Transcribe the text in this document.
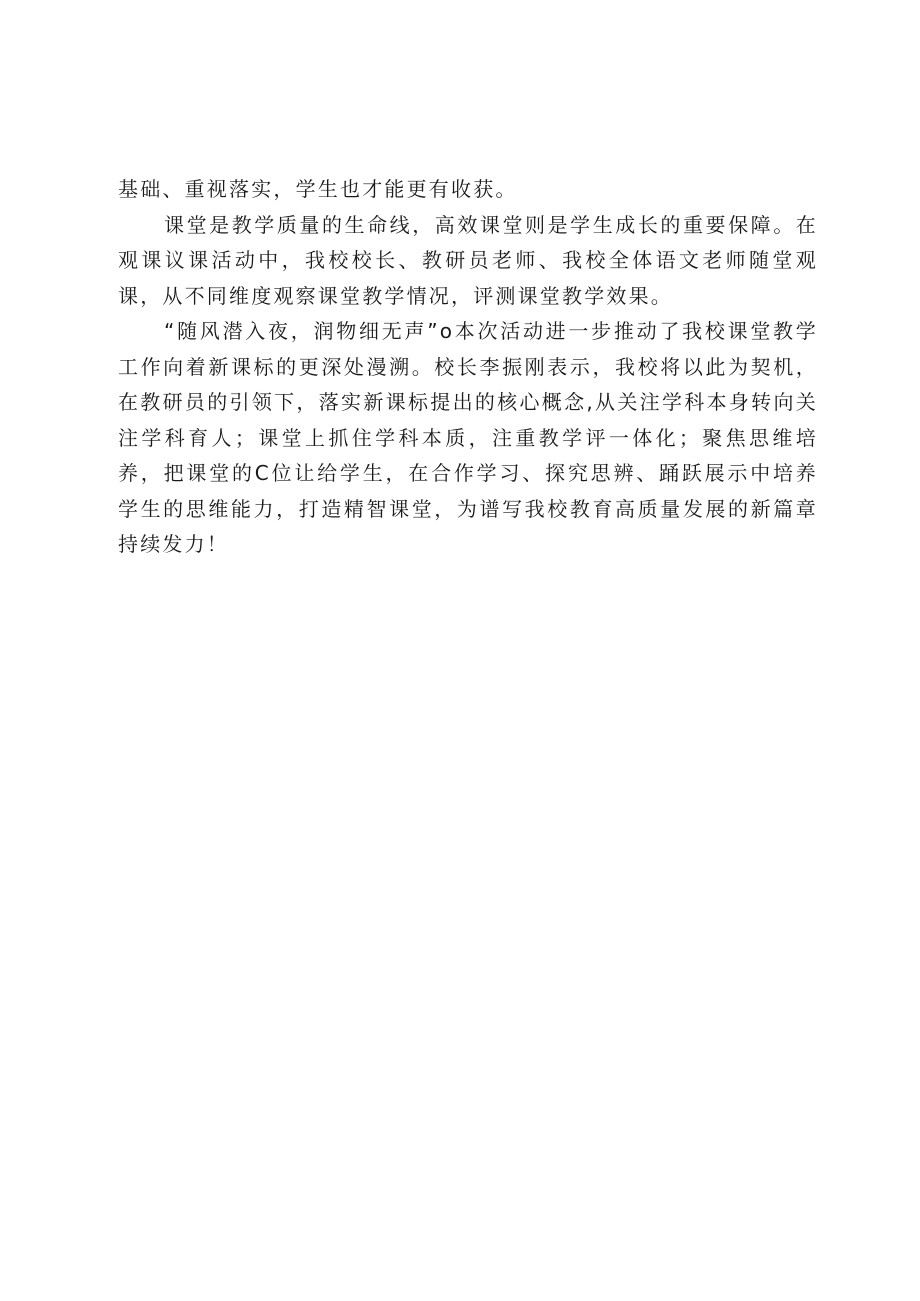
基础、重视落实，学生也才能更有收获。

课堂是教学质量的生命线，高效课堂则是学生成长的重要保障。在观课议课活动中，我校校长、教研员老师、我校全体语文老师随堂观课，从不同维度观察课堂教学情况，评测课堂教学效果。

“随风潜入夜，润物细无声”o本次活动进一步推动了我校课堂教学工作向着新课标的更深处漫溯。校长李振刚表示，我校将以此为契机，在教研员的引领下，落实新课标提出的核心概念,从关注学科本身转向关注学科育人；课堂上抓住学科本质，注重教学评一体化；聚焦思维培养，把课堂的C位让给学生，在合作学习、探究思辨、踊跃展示中培养学生的思维能力，打造精智课堂，为谱写我校教育高质量发展的新篇章持续发力！
